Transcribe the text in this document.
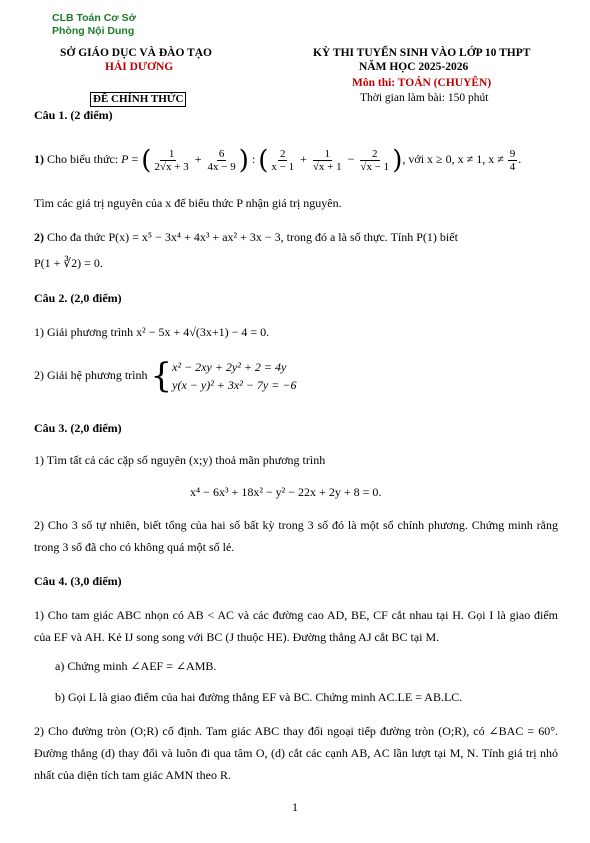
CLB Toán Cơ Sở
Phòng Nội Dung
SỞ GIÁO DỤC VÀ ĐÀO TẠO
HẢI DƯƠNG
KỲ THI TUYỂN SINH VÀO LỚP 10 THPT
NĂM HỌC 2025-2026
Môn thi: TOÁN (CHUYÊN)
ĐỀ CHÍNH THỨC	Thời gian làm bài: 150 phút
Câu 1. (2 điểm)
1) Cho biểu thức: P = ( $\frac{1}{2√x + 3} + \frac{6}{4x - 9}$ ) : ( $\frac{2}{x - 1} + \frac{1}{√x + 1} - \frac{2}{√x - 1}$ ), với x ≥ 0, x ≠ 1, $x \ne \frac{9}{4}$ .

Tìm các giá trị nguyên của x để biểu thức P nhận giá trị nguyên.

2) Cho đa thức P(x) = x⁵ − 3x⁴ + 4x³ + ax² + 3x − 3, trong đó a là số thực. Tính P(1) biết

P(1 + ∛2) = 0.

Câu 2. (2,0 điểm)

1) Giải phương trình x² − 5x + 4√(3x+1) − 4 = 0.

2) Giải hệ phương trình { x² − 2xy + 2y² + 2 = 4y
y(x − y)² + 3x² − 7y = −6
Câu 3. (2,0 điểm)

1) Tìm tất cả các cặp số nguyên (x;y) thoả mãn phương trình

x⁴ − 6x³ + 18x² − y² − 22x + 2y + 8 = 0.

2) Cho 3 số tự nhiên, biết tổng của hai số bất kỳ trong 3 số đó là một số chính phương. Chứng minh rằng trong 3 số đã cho có không quá một số lẻ.

Câu 4. (3,0 điểm)

1) Cho tam giác ABC nhọn có AB < AC và các đường cao AD, BE, CF cắt nhau tại H. Gọi I là giao điểm của EF và AH. Kẻ IJ song song với BC (J thuộc HE). Đường thẳng AJ cắt BC tại M.

a) Chứng minh ∠AEF = ∠AMB.

b) Gọi L là giao điểm của hai đường thẳng EF và BC. Chứng minh AC.LE = AB.LC.

2) Cho đường tròn (O;R) cố định. Tam giác ABC thay đổi ngoại tiếp đường tròn (O;R), có ∠BAC = 60°. Đường thẳng (d) thay đổi và luôn đi qua tâm O, (d) cắt các cạnh AB, AC lần lượt tại M, N. Tính giá trị nhỏ nhất của diện tích tam giác AMN theo R.

1
